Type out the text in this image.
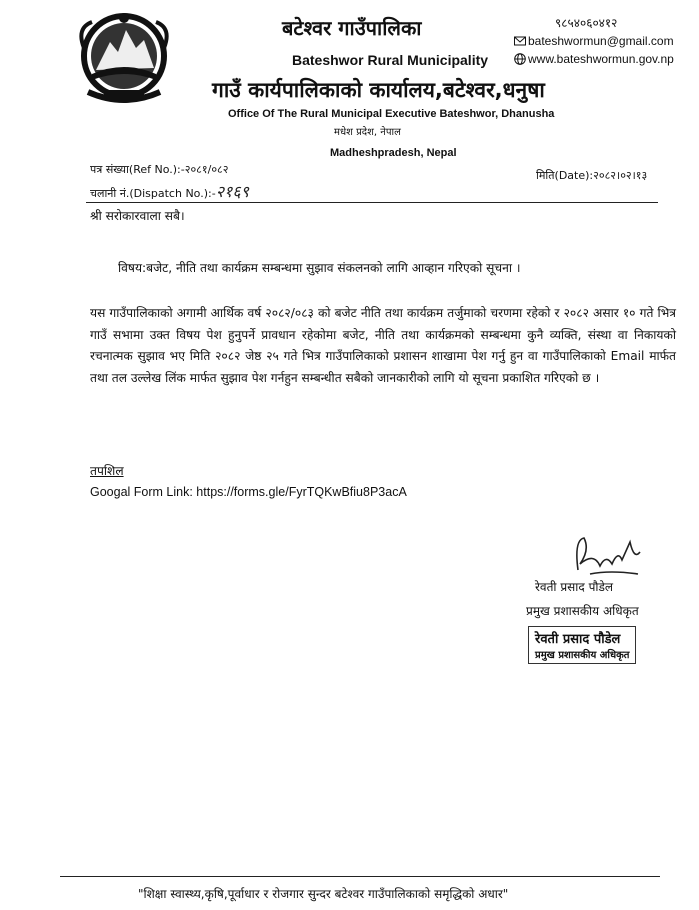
बटेश्वर गाउँपालिका
Bateshwor Rural Municipality
गाउँ कार्यपालिकाको कार्यालय,बटेश्वर,धनुषा
Office Of The Rural Municipal Executive Bateshwor, Dhanusha
मधेश प्रदेश, नेपाल
Madheshpradesh, Nepal
९८५४०६०४१२
bateshwormun@gmail.com
www.bateshwormun.gov.np
पत्र संख्या(Ref No.):-२०८१/०८२
चलानी नं.(Dispatch No.):-२१६९
मिति(Date):२०८२।०२।१३
श्री सरोकारवाला सबै।
विषय:बजेट, नीति तथा कार्यक्रम सम्बन्धमा सुझाव संकलनको लागि आव्हान गरिएको सूचना ।
यस गाउँपालिकाको अगामी आर्थिक वर्ष २०८२/०८३ को बजेट नीति तथा कार्यक्रम तर्जुमाको चरणमा रहेको र २०८२ असार १० गते भित्र गाउँ सभामा उक्त विषय पेश हुनुपर्ने प्रावधान रहेकोमा बजेट, नीति तथा कार्यक्रमको सम्बन्धमा कुनै व्यक्ति, संस्था वा निकायको रचनात्मक सुझाव भए मिति २०८२ जेष्ठ २५ गते भित्र गाउँपालिकाको प्रशासन शाखामा पेश गर्नु हुन वा गाउँपालिकाको Email मार्फत तथा तल उल्लेख लिंक मार्फत सुझाव पेश गर्नहुन सम्बन्धीत सबैको जानकारीको लागि यो सूचना प्रकाशित गरिएको छ ।
तपशिल
Googal Form Link: https://forms.gle/FyrTQKwBfiu8P3acA
रेवती प्रसाद पौडेल
प्रमुख प्रशासकीय अधिकृत
रेवती प्रसाद पौडेल
प्रमुख प्रशासकीय अधिकृत
"शिक्षा स्वास्थ्य,कृषि,पूर्वाधार र रोजगार सुन्दर बटेश्वर गाउँपालिकाको समृद्धिको अधार"
